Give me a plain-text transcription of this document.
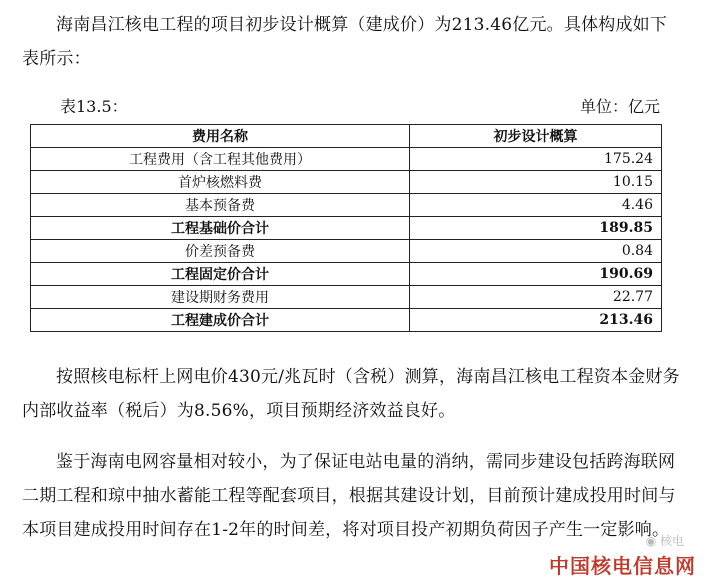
海南昌江核电工程的项目初步设计概算（建成价）为213.46亿元。具体构成如下表所示：

表13.5：	单位：亿元
费用名称	初步设计概算
工程费用（含工程其他费用）	175.24
首炉核燃料费	10.15
基本预备费	4.46
工程基础价合计	189.85
价差预备费	0.84
工程固定价合计	190.69
建设期财务费用	22.77
工程建成价合计	213.46

按照核电标杆上网电价430元/兆瓦时（含税）测算，海南昌江核电工程资本金财务内部收益率（税后）为8.56%，项目预期经济效益良好。

鉴于海南电网容量相对较小，为了保证电站电量的消纳，需同步建设包括跨海联网二期工程和琼中抽水蓄能工程等配套项目，根据其建设计划，目前预计建成投用时间与本项目建成投用时间存在1-2年的时间差，将对项目投产初期负荷因子产生一定影响。

◉ 核电
中国核电信息网
